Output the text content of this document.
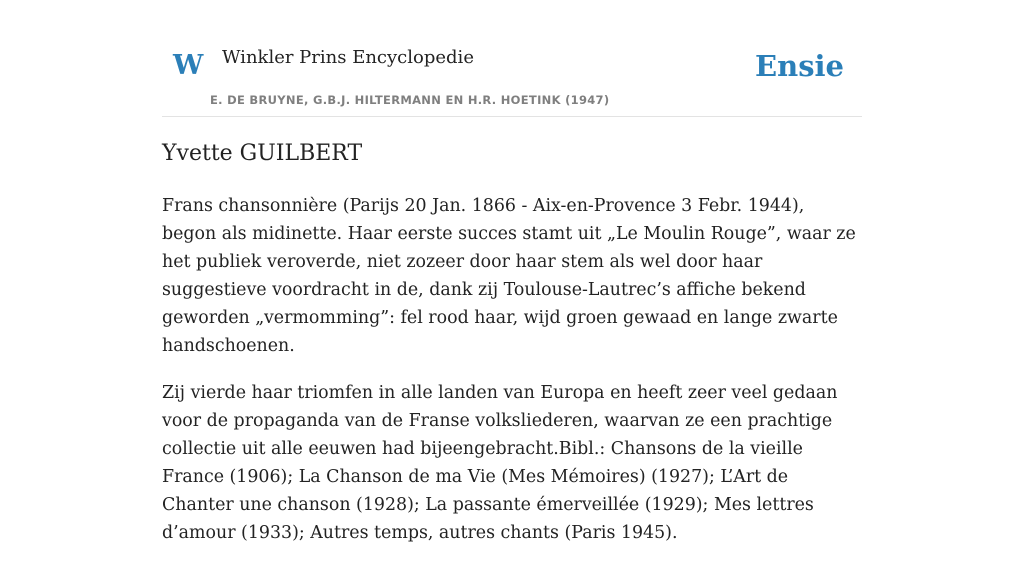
W Winkler Prins Encyclopedie
E. DE BRUYNE, G.B.J. HILTERMANN EN H.R. HOETINK (1947)
Ensie
Yvette GUILBERT

Frans chansonnière (Parijs 20 Jan. 1866 - Aix-en-Provence 3 Febr. 1944), begon als midinette. Haar eerste succes stamt uit „Le Moulin Rouge”, waar ze het publiek veroverde, niet zozeer door haar stem als wel door haar suggestieve voordracht in de, dank zij Toulouse-Lautrec’s affiche bekend geworden „vermomming”: fel rood haar, wijd groen gewaad en lange zwarte handschoenen.

Zij vierde haar triomfen in alle landen van Europa en heeft zeer veel gedaan voor de propaganda van de Franse volksliederen, waarvan ze een prachtige collectie uit alle eeuwen had bijeengebracht.Bibl.: Chansons de la vieille France (1906); La Chanson de ma Vie (Mes Mémoires) (1927); L’Art de Chanter une chanson (1928); La passante émerveillée (1929); Mes lettres d’amour (1933); Autres temps, autres chants (Paris 1945).
